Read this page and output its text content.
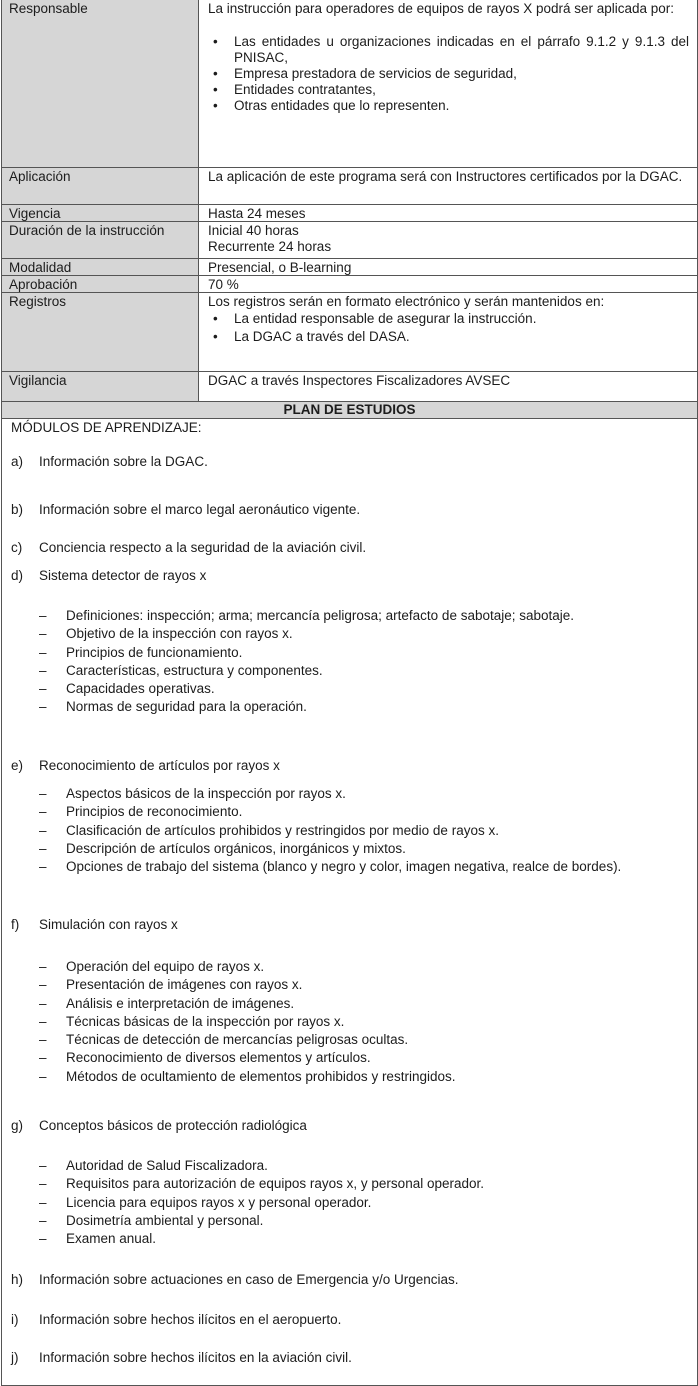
Responsable	La instrucción para operadores de equipos de rayos X podrá ser aplicada por:
• Las entidades u organizaciones indicadas en el párrafo 9.1.2 y 9.1.3 del PNISAC,
• Empresa prestadora de servicios de seguridad,
• Entidades contratantes,
• Otras entidades que lo representen.
Aplicación	La aplicación de este programa será con Instructores certificados por la DGAC.
Vigencia	Hasta 24 meses
Duración de la instrucción	Inicial 40 horas
Recurrente 24 horas
Modalidad	Presencial, o B-learning
Aprobación	70 %
Registros	Los registros serán en formato electrónico y serán mantenidos en:
• La entidad responsable de asegurar la instrucción.
• La DGAC a través del DASA.
Vigilancia	DGAC a través Inspectores Fiscalizadores AVSEC
PLAN DE ESTUDIOS
MÓDULOS DE APRENDIZAJE:
a)	Información sobre la DGAC.
b)	Información sobre el marco legal aeronáutico vigente.
c)	Conciencia respecto a la seguridad de la aviación civil.
d)	Sistema detector de rayos x
– Definiciones: inspección; arma; mercancía peligrosa; artefacto de sabotaje; sabotaje.
– Objetivo de la inspección con rayos x.
– Principios de funcionamiento.
– Características, estructura y componentes.
– Capacidades operativas.
– Normas de seguridad para la operación.
e)	Reconocimiento de artículos por rayos x
– Aspectos básicos de la inspección por rayos x.
– Principios de reconocimiento.
– Clasificación de artículos prohibidos y restringidos por medio de rayos x.
– Descripción de artículos orgánicos, inorgánicos y mixtos.
– Opciones de trabajo del sistema (blanco y negro y color, imagen negativa, realce de bordes).
f)	Simulación con rayos x
– Operación del equipo de rayos x.
– Presentación de imágenes con rayos x.
– Análisis e interpretación de imágenes.
– Técnicas básicas de la inspección por rayos x.
– Técnicas de detección de mercancías peligrosas ocultas.
– Reconocimiento de diversos elementos y artículos.
– Métodos de ocultamiento de elementos prohibidos y restringidos.
g)	Conceptos básicos de protección radiológica
– Autoridad de Salud Fiscalizadora.
– Requisitos para autorización de equipos rayos x, y personal operador.
– Licencia para equipos rayos x y personal operador.
– Dosimetría ambiental y personal.
– Examen anual.
h)	Información sobre actuaciones en caso de Emergencia y/o Urgencias.
i)	Información sobre hechos ilícitos en el aeropuerto.
j)	Información sobre hechos ilícitos en la aviación civil.
